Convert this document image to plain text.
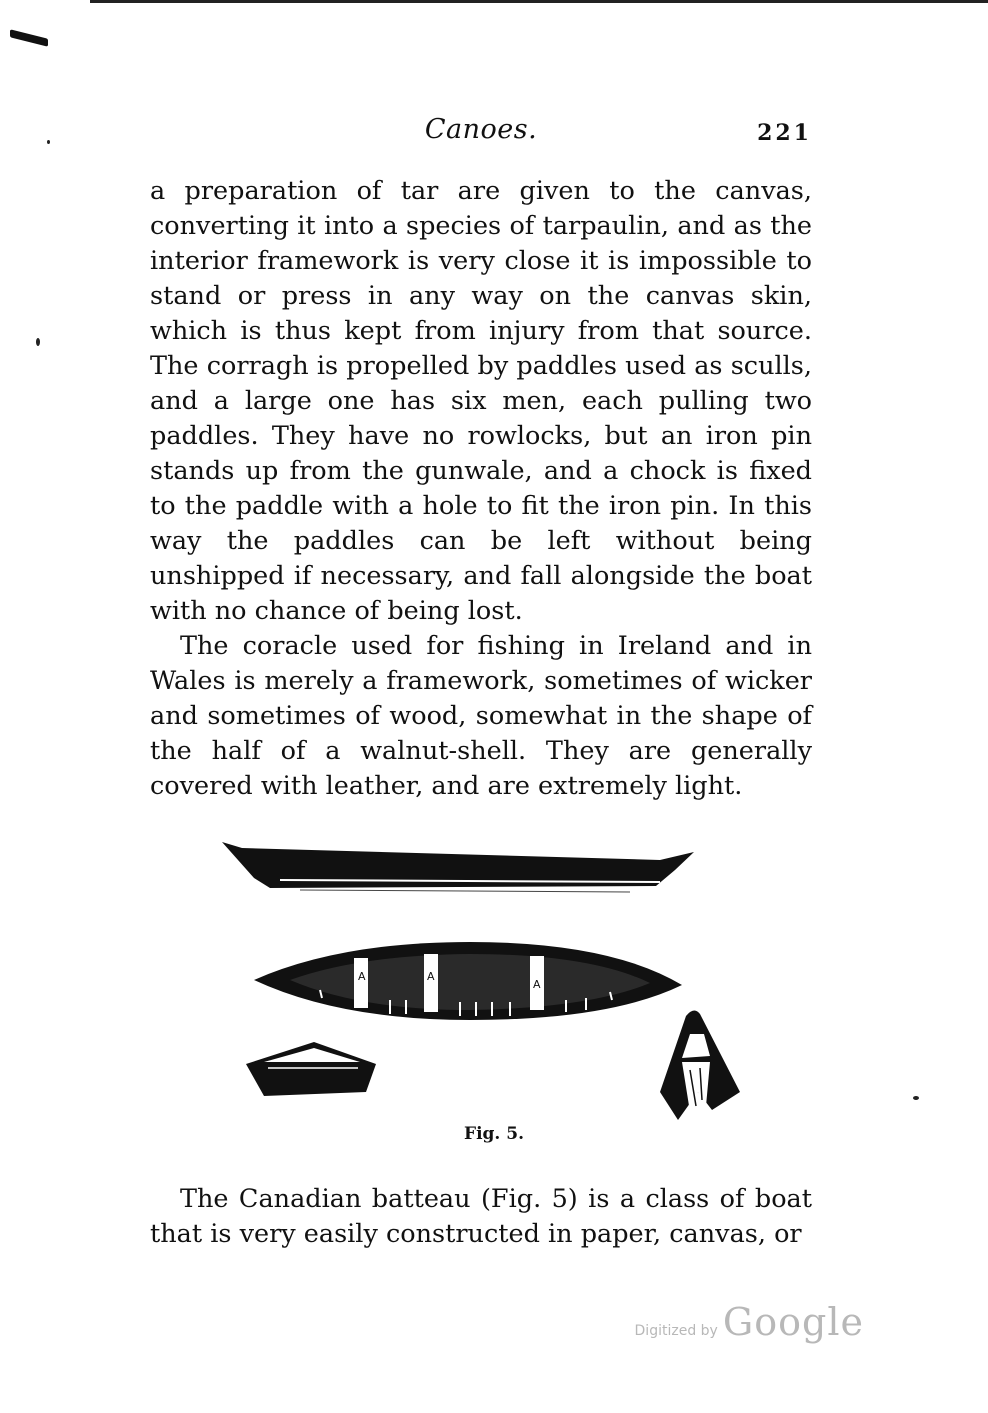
Canoes.	221

a preparation of tar are given to the canvas, converting it into a species of tarpaulin, and as the interior framework is very close it is impossible to stand or press in any way on the canvas skin, which is thus kept from injury from that source. The corragh is propelled by paddles used as sculls, and a large one has six men, each pulling two paddles. They have no rowlocks, but an iron pin stands up from the gunwale, and a chock is fixed to the paddle with a hole to fit the iron pin. In this way the paddles can be left without being unshipped if necessary, and fall alongside the boat with no chance of being lost.

The coracle used for fishing in Ireland and in Wales is merely a framework, sometimes of wicker and sometimes of wood, somewhat in the shape of the half of a walnut-shell. They are generally covered with leather, and are extremely light.

A	A
A
Fig. 5.

The Canadian batteau (Fig. 5) is a class of boat that is very easily constructed in paper, canvas, or

Digitized by Google
